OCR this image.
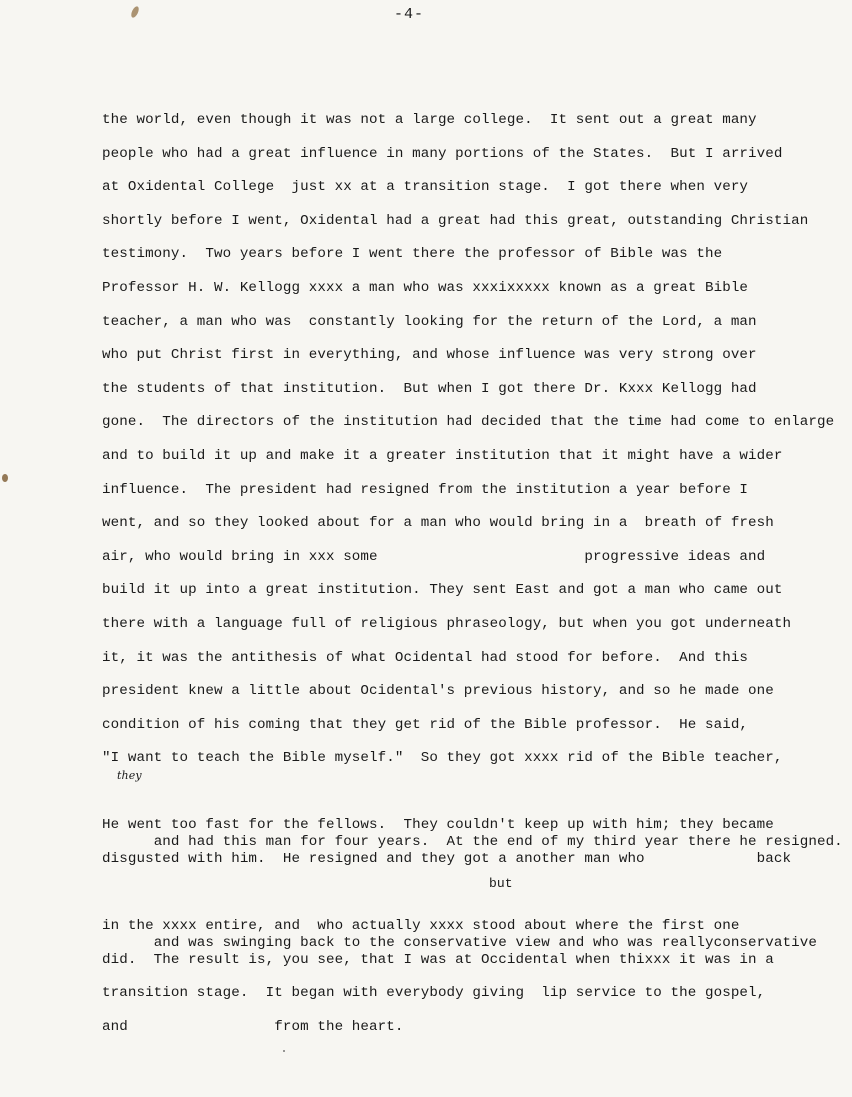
-4-
the world, even though it was not a large college.  It sent out a great many
people who had a great influence in many portions of the States.  But I arrived
at Oxidental College  just xx at a transition stage.  I got there when very
shortly before I went, Oxidental had a great had this great, outstanding Christian
testimony.  Two years before I went there the professor of Bible was the
Professor H. W. Kellogg xxxx a man who was xxxixxxxx known as a great Bible
teacher, a man who was  constantly looking for the return of the Lord, a man
who put Christ first in everything, and whose influence was very strong over
the students of that institution.  But when I got there Dr. Kxxx Kellogg had
gone.  The directors of the institution had decided that the time had come to enlarge
and to build it up and make it a greater institution that it might have a wider
influence.  The president had resigned from the institution a year before I
went, and so they looked about for a man who would bring in a  breath of fresh
air, who would bring in xxx some                        progressive ideas and
build it up into a great institution. They sent East and got a man who came out
there with a language full of religious phraseology, but when you got underneath
it, it was the antithesis of what Ocidental had stood for before.  And this
president knew a little about Ocidental's previous history, and so he made one
condition of his coming that they get rid of the Bible professor.  He said,
"I want to teach the Bible myself."  So they got xxxx rid of the Bible teacher,

they

and had this man for four years.  At the end of my third year there he resigned.

He went too fast for the fellows.  They couldn't keep up with him; they became
disgusted with him.  He resigned and they got a another man who             back

but

and was swinging back to the conservative view and who was reallyconservative

in the xxxx entire, and  who actually xxxx stood about where the first one
did.  The result is, you see, that I was at Occidental when thixxx it was in a
transition stage.  It began with everybody giving  lip service to the gospel,
and                 from the heart.
